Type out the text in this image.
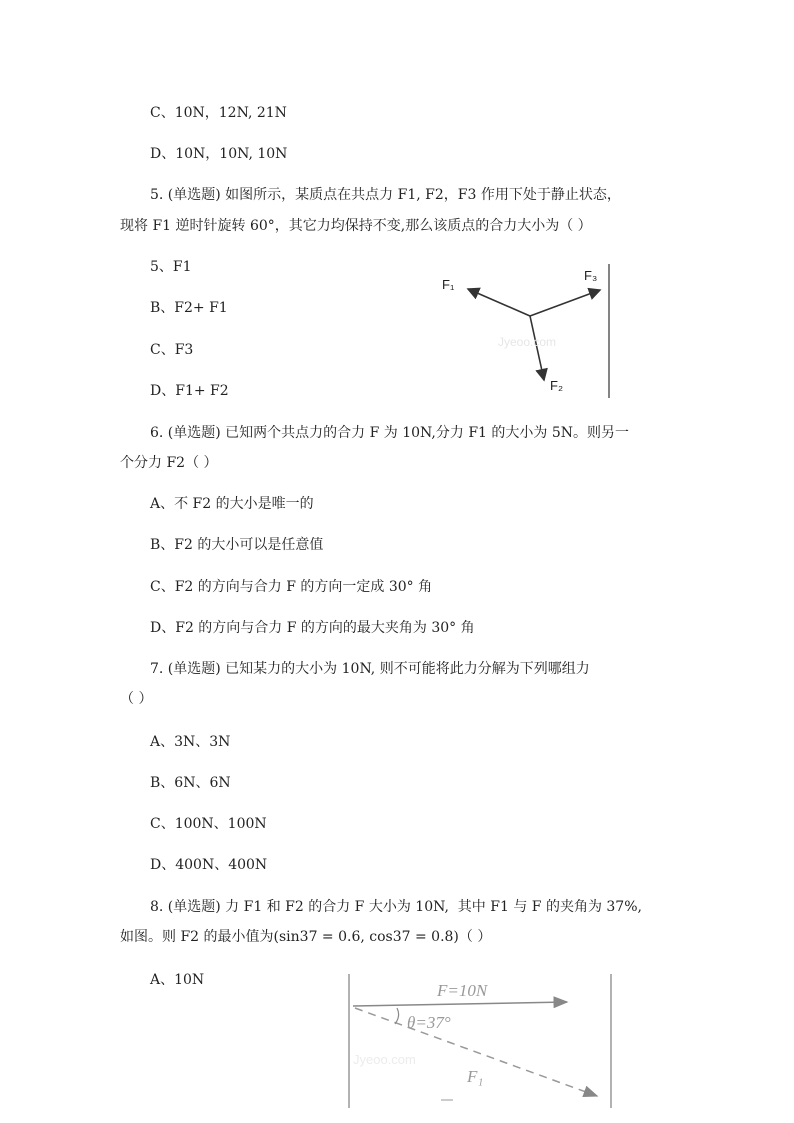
C、10N，12N, 21N

D、10N，10N, 10N

5. (单选题) 如图所示，某质点在共点力 F1, F2，F3 作用下处于静止状态，

现将 F1 逆时针旋转 60°，其它力均保持不变,那么该质点的合力大小为（ ）

5、F1

B、F2+ F1

C、F3

D、F1+ F2

F₁
F₃
F₂
Jyeoo.com

6. (单选题) 已知两个共点力的合力 F 为 10N,分力 F1 的大小为 5N。则另一

个分力 F2（ ）

A、不 F2 的大小是唯一的

B、F2 的大小可以是任意值

C、F2 的方向与合力 F 的方向一定成 30° 角

D、F2 的方向与合力 F 的方向的最大夹角为 30° 角

7. (单选题) 已知某力的大小为 10N, 则不可能将此力分解为下列哪组力

（ ）

A、3N、3N

B、6N、6N

C、100N、100N

D、400N、400N

8. (单选题) 力 F1 和 F2 的合力 F 大小为 10N,  其中 F1 与 F 的夹角为 37%,

如图。则 F2 的最小值为(sin37 = 0.6, cos37 = 0.8)（ ）

A、10N

F=10N
θ=37°
F₁
Jyeoo.com
